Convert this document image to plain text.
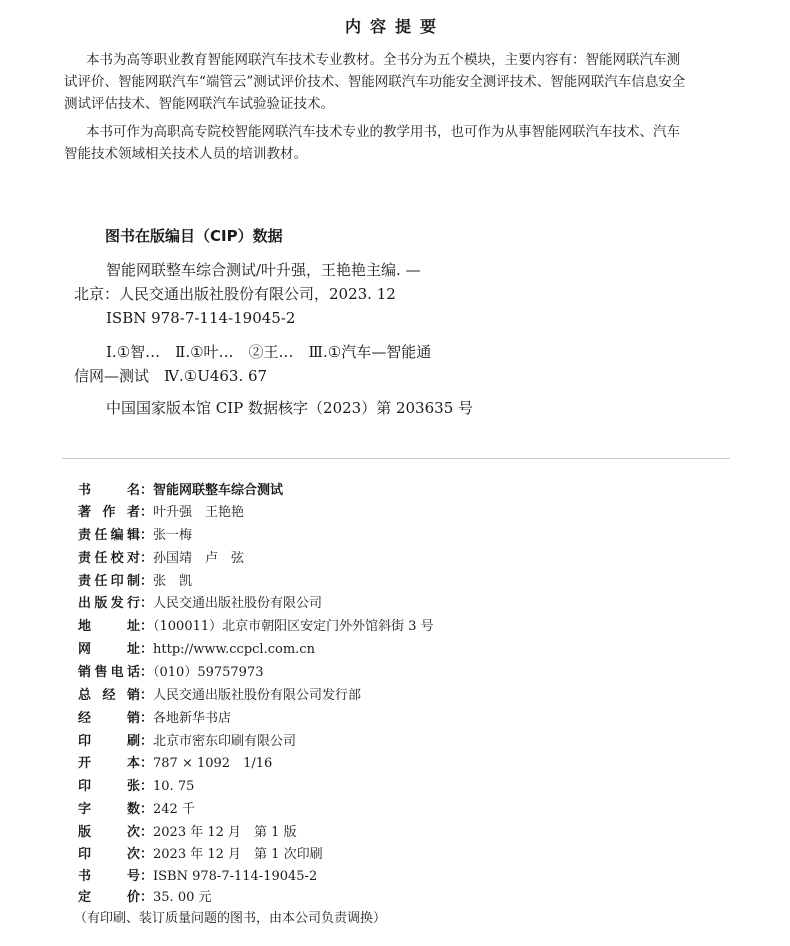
内容提要
本书为高等职业教育智能网联汽车技术专业教材。全书分为五个模块，主要内容有：智能网联汽车测
试评价、智能网联汽车“端管云”测试评价技术、智能网联汽车功能安全测评技术、智能网联汽车信息安全
测试评估技术、智能网联汽车试验验证技术。
本书可作为高职高专院校智能网联汽车技术专业的教学用书，也可作为从事智能网联汽车技术、汽车
智能技术领域相关技术人员的培训教材。
图书在版编目（CIP）数据
智能网联整车综合测试/叶升强，王艳艳主编. —
北京：人民交通出版社股份有限公司，2023. 12
ISBN 978-7-114-19045-2
Ⅰ.①智…　Ⅱ.①叶…　②王…　Ⅲ.①汽车—智能通
信网—测试　Ⅳ.①U463. 67
中国国家版本馆 CIP 数据核字（2023）第 203635 号
书名：智能网联整车综合测试
著作者：叶升强　王艳艳
责任编辑：张一梅
责任校对：孙国靖　卢　弦
责任印制：张　凯
出版发行：人民交通出版社股份有限公司
地址：（100011）北京市朝阳区安定门外外馆斜街 3 号
网址：http://www.ccpcl.com.cn
销售电话：（010）59757973
总经销：人民交通出版社股份有限公司发行部
经销：各地新华书店
印刷：北京市密东印刷有限公司
开本：787 × 1092　1/16
印张：10. 75
字数：242 千
版次：2023 年 12 月　第 1 版
印次：2023 年 12 月　第 1 次印刷
书号：ISBN 978-7-114-19045-2
定价：35. 00 元
（有印刷、装订质量问题的图书，由本公司负责调换）
